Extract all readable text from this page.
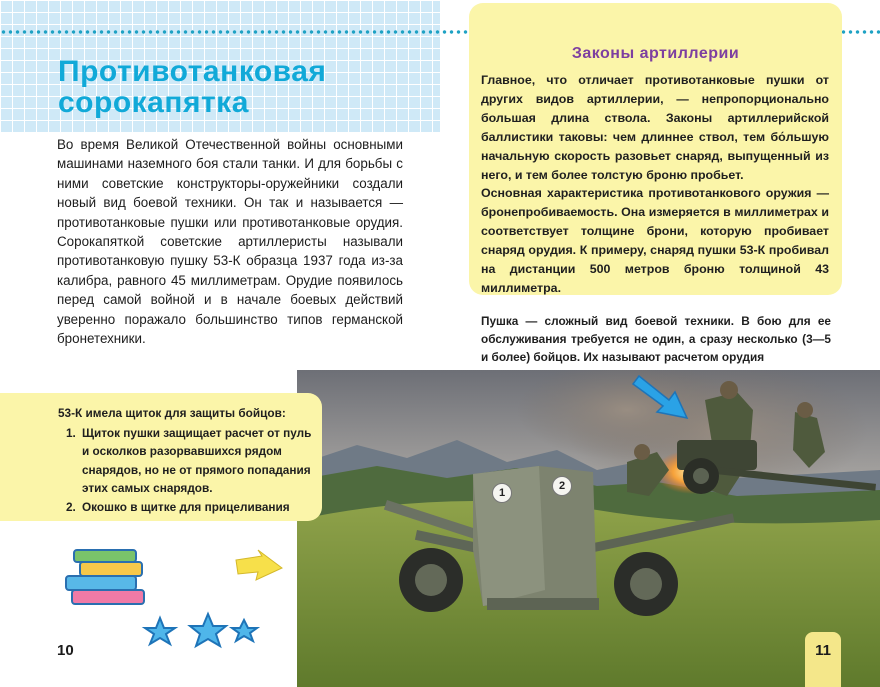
Противотанковая
сорокапятка

Во время Великой Отечественной войны основными машинами наземного боя стали танки. И для борьбы с ними советские конструкторы-оружейники создали новый вид боевой техники. Он так и называется — противотанковые пушки или противотанковые орудия. Сорокапяткой советские артиллеристы называли противотанковую пушку 53-К образца 1937 года из-за калибра, равного 45 миллиметрам. Орудие появилось перед самой войной и в начале боевых действий уверенно поражало большинство типов германской бронетехники.

Законы артиллерии

Главное, что отличает противотанковые пушки от других видов артиллерии, — непропорционально большая длина ствола. Законы артиллерийской баллистики таковы: чем длиннее ствол, тем бо́льшую начальную скорость разовьет снаряд, выпущенный из него, и тем более толстую броню пробьет.

Основная характеристика противотанкового оружия — бронепробиваемость. Она измеряется в миллиметрах и соответствует толщине брони, которую пробивает снаряд орудия. К примеру, снаряд пушки 53-К пробивал на дистанции 500 метров броню толщиной 43 миллиметра.

Пушка — сложный вид боевой техники. В бою для ее обслуживания требуется не один, а сразу несколько (3—5 и более) бойцов. Их называют расчетом орудия

1
2

53-К имела щиток для защиты бойцов:

1. Щиток пушки защищает расчет от пуль и осколков разорвавшихся рядом снарядов, но не от прямого попадания этих самых снарядов.
2. Окошко в щитке для прицеливания
10	11
